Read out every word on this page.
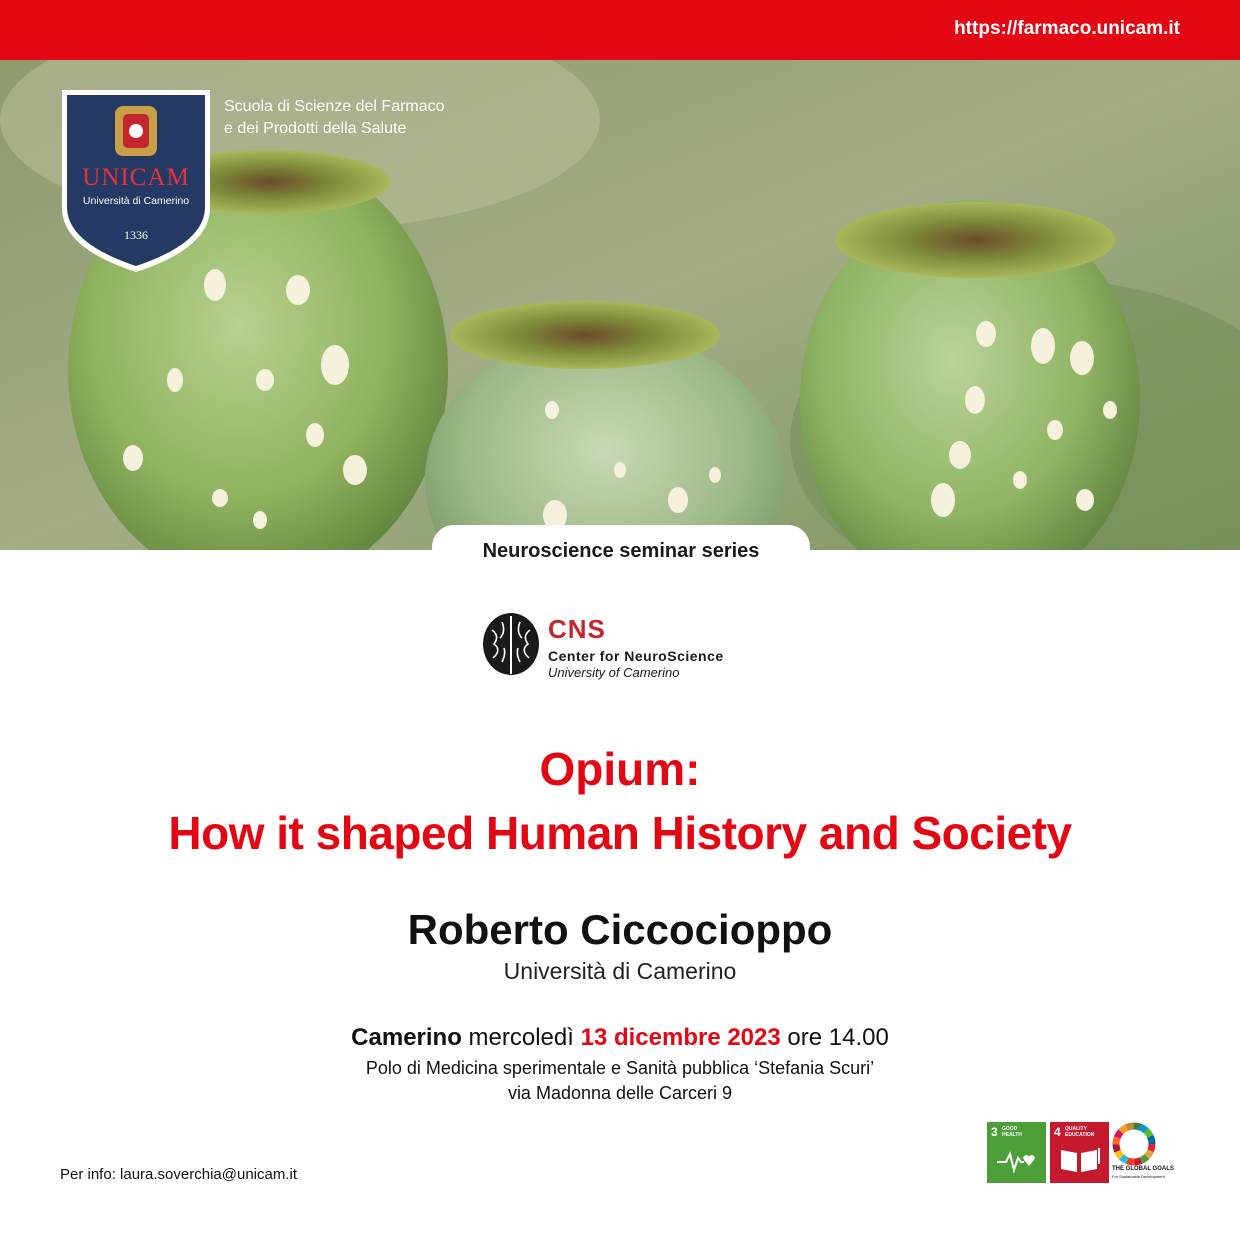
https://farmaco.unicam.it
UNICAM
Università di Camerino
1336
Scuola di Scienze del Farmaco
e dei Prodotti della Salute
Neuroscience seminar series
CNS
Center for NeuroScience
University of Camerino
Opium:
How it shaped Human History and Society
Roberto Ciccocioppo
Università di Camerino
Camerino mercoledì 13 dicembre 2023 ore 14.00
Polo di Medicina sperimentale e Sanità pubblica ‘Stefania Scuri’
via Madonna delle Carceri 9
Per info: laura.soverchia@unicam.it
3 GOOD
HEALTH	4 QUALITY
EDUCATION
THE GLOBAL GOALS
For Sustainable Development
